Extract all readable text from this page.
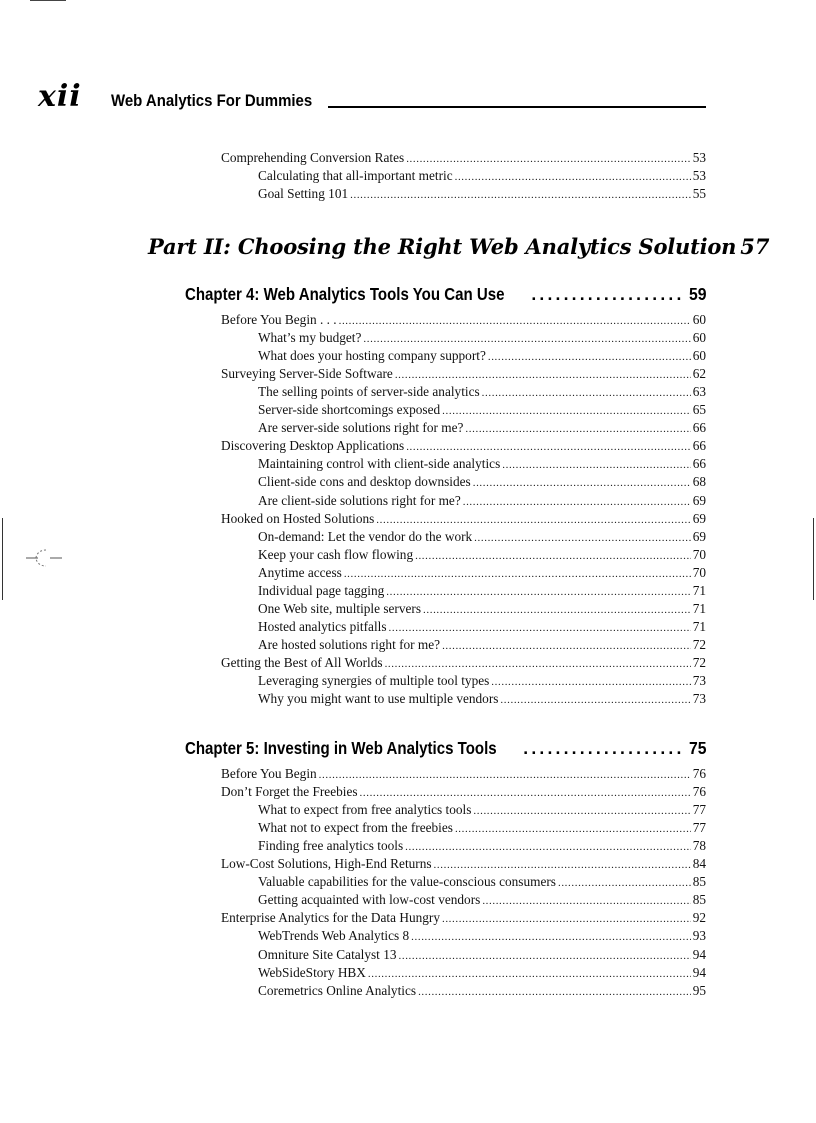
xii Web Analytics For Dummies
Comprehending Conversion Rates .....	53
Calculating that all-important metric .....	53
Goal Setting 101 .....	55
Part II: Choosing the Right Web Analytics Solution 57
Chapter 4: Web Analytics Tools You Can Use .....	59
Before You Begin . . . .....	60
What’s my budget? .....	60
What does your hosting company support? .....	60
Surveying Server-Side Software .....	62
The selling points of server-side analytics .....	63
Server-side shortcomings exposed .....	65
Are server-side solutions right for me? .....	66
Discovering Desktop Applications .....	66
Maintaining control with client-side analytics .....	66
Client-side cons and desktop downsides .....	68
Are client-side solutions right for me? .....	69
Hooked on Hosted Solutions .....	69
On-demand: Let the vendor do the work .....	69
Keep your cash flow flowing .....	70
Anytime access .....	70
Individual page tagging .....	71
One Web site, multiple servers .....	71
Hosted analytics pitfalls .....	71
Are hosted solutions right for me? .....	72
Getting the Best of All Worlds .....	72
Leveraging synergies of multiple tool types .....	73
Why you might want to use multiple vendors .....	73
Chapter 5: Investing in Web Analytics Tools .....	75
Before You Begin .....	76
Don’t Forget the Freebies .....	76
What to expect from free analytics tools .....	77
What not to expect from the freebies .....	77
Finding free analytics tools .....	78
Low-Cost Solutions, High-End Returns .....	84
Valuable capabilities for the value-conscious consumers .....	85
Getting acquainted with low-cost vendors .....	85
Enterprise Analytics for the Data Hungry .....	92
WebTrends Web Analytics 8 .....	93
Omniture Site Catalyst 13 .....	94
WebSideStory HBX .....	94
Coremetrics Online Analytics .....	95
